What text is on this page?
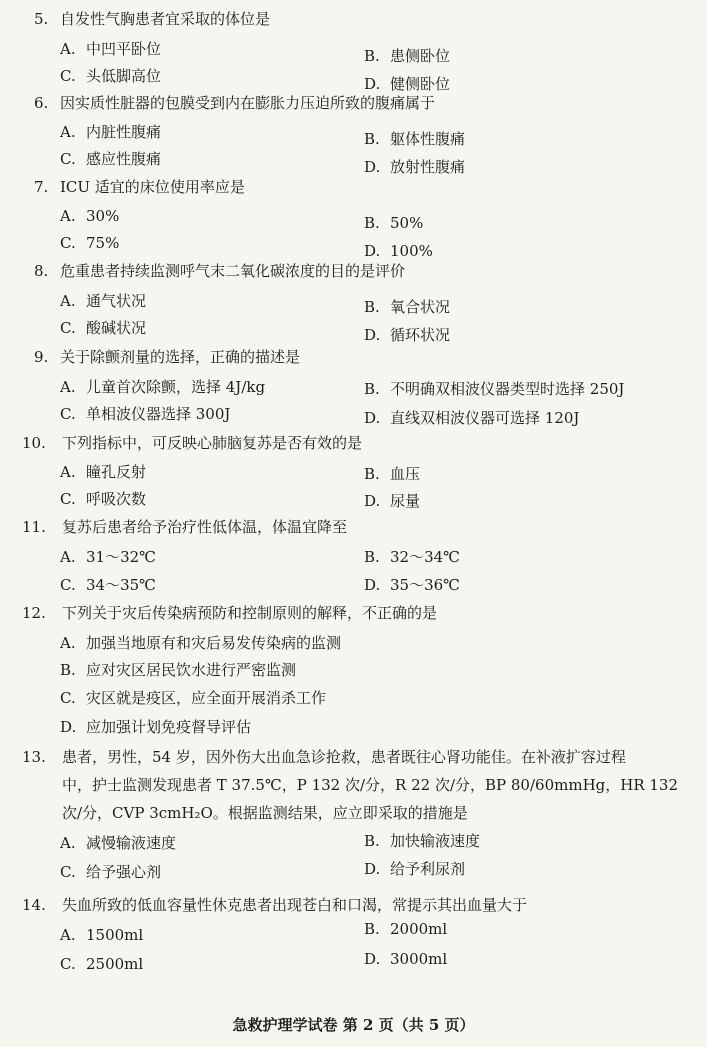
5. 自发性气胸患者宜采取的体位是
A. 中凹平卧位	B. 患侧卧位
C. 头低脚高位	D. 健侧卧位
6. 因实质性脏器的包膜受到内在膨胀力压迫所致的腹痛属于
A. 内脏性腹痛	B. 躯体性腹痛
C. 感应性腹痛	D. 放射性腹痛
7. ICU 适宜的床位使用率应是
A. 30%	B. 50%
C. 75%	D. 100%
8. 危重患者持续监测呼气末二氧化碳浓度的目的是评价
A. 通气状况	B. 氧合状况
C. 酸碱状况	D. 循环状况
9. 关于除颤剂量的选择，正确的描述是
A. 儿童首次除颤，选择 4J/kg	B. 不明确双相波仪器类型时选择 250J
C. 单相波仪器选择 300J	D. 直线双相波仪器可选择 120J
10. 下列指标中，可反映心肺脑复苏是否有效的是
A. 瞳孔反射	B. 血压
C. 呼吸次数	D. 尿量
11. 复苏后患者给予治疗性低体温，体温宜降至
A. 31～32℃	B. 32～34℃
C. 34～35℃	D. 35～36℃
12. 下列关于灾后传染病预防和控制原则的解释，不正确的是
A. 加强当地原有和灾后易发传染病的监测
B. 应对灾区居民饮水进行严密监测
C. 灾区就是疫区，应全面开展消杀工作
D. 应加强计划免疫督导评估
13. 患者，男性，54 岁，因外伤大出血急诊抢救，患者既往心肾功能佳。在补液扩容过程
中，护士监测发现患者 T 37.5℃，P 132 次/分，R 22 次/分，BP 80/60mmHg，HR 132
次/分，CVP 3cmH₂O。根据监测结果，应立即采取的措施是
A. 减慢输液速度	B. 加快输液速度
C. 给予强心剂	D. 给予利尿剂
14. 失血所致的低血容量性休克患者出现苍白和口渴，常提示其出血量大于
A. 1500ml	B. 2000ml
C. 2500ml	D. 3000ml
急救护理学试卷 第 2 页（共 5 页）
